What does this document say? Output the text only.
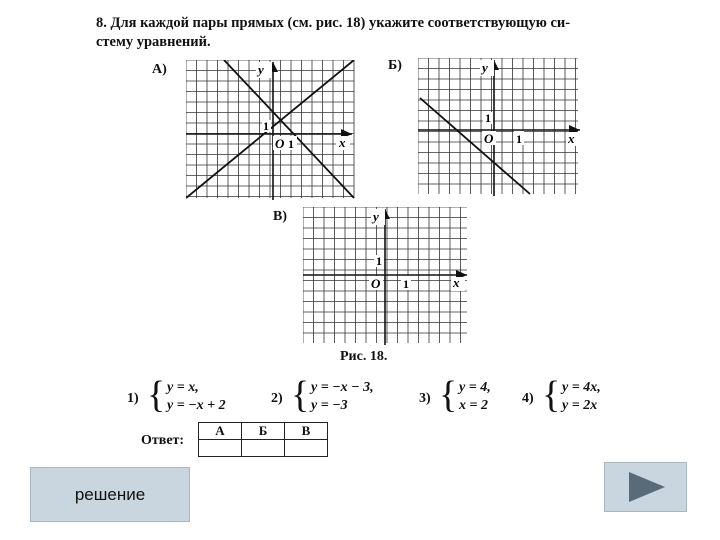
8. Для каждой пары прямых (см. рис. 18) укажите соответствующую си-
стему уравнений.
А)	Б)
В)
y
x
1
O 1
y
x
1
O 1
y
x
1
O 1
Рис. 18.
1) { y = x,
y = −x + 2	2) { y = −x − 3,
y = −3	3) { y = 4,
x = 2 4) { y = 4x,
y = 2x
Ответ:
А	Б	В

решение
